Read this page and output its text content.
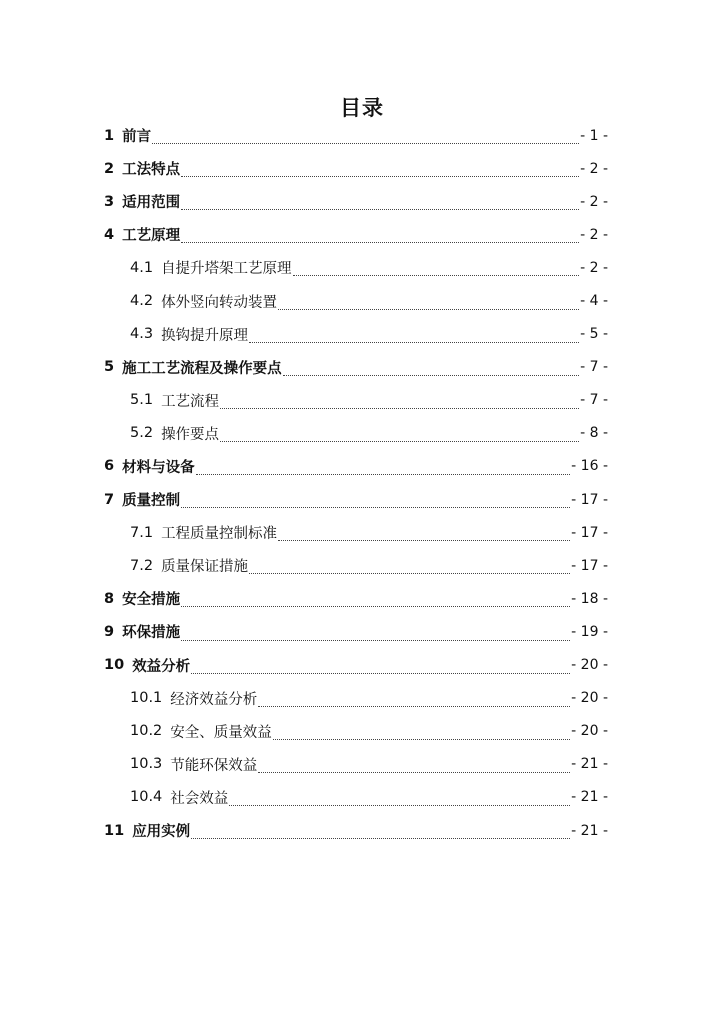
目录
1 前言	- 1 -
2 工法特点	- 2 -
3 适用范围	- 2 -
4 工艺原理	- 2 -
4.1 自提升塔架工艺原理	- 2 -
4.2 体外竖向转动装置	- 4 -
4.3 换钩提升原理	- 5 -
5 施工工艺流程及操作要点	- 7 -
5.1 工艺流程	- 7 -
5.2 操作要点	- 8 -
6 材料与设备	- 16 -
7 质量控制	- 17 -
7.1 工程质量控制标准	- 17 -
7.2 质量保证措施	- 17 -
8 安全措施	- 18 -
9 环保措施	- 19 -
10 效益分析	- 20 -
10.1 经济效益分析	- 20 -
10.2 安全、质量效益	- 20 -
10.3 节能环保效益	- 21 -
10.4 社会效益	- 21 -
11 应用实例	- 21 -
